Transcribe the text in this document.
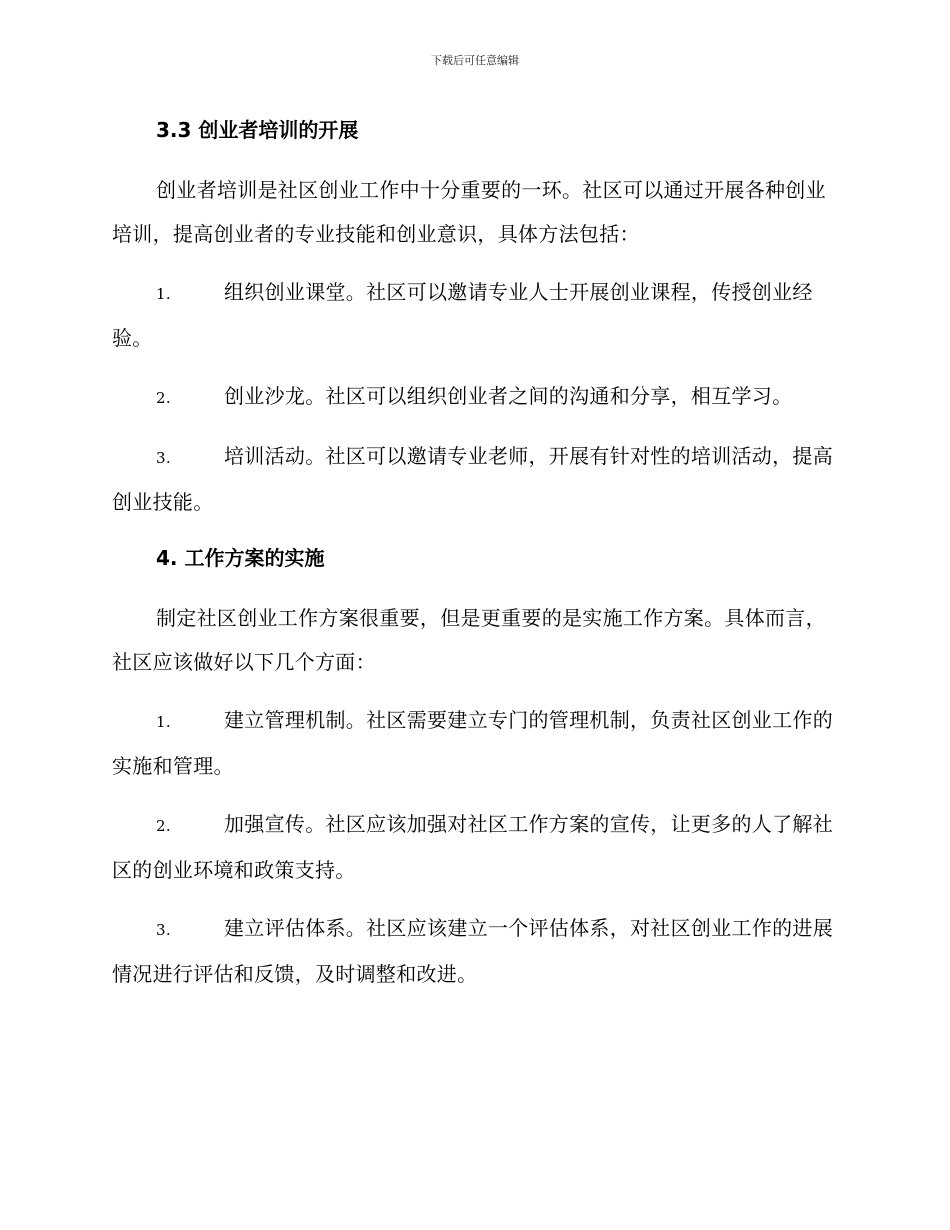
下载后可任意编辑
3.3 创业者培训的开展
创业者培训是社区创业工作中十分重要的一环。社区可以通过开展各种创业培训，提高创业者的专业技能和创业意识，具体方法包括：
1.	组织创业课堂。社区可以邀请专业人士开展创业课程，传授创业经验。
2.	创业沙龙。社区可以组织创业者之间的沟通和分享，相互学习。
3.	培训活动。社区可以邀请专业老师，开展有针对性的培训活动，提高创业技能。
4. 工作方案的实施
制定社区创业工作方案很重要，但是更重要的是实施工作方案。具体而言，社区应该做好以下几个方面：
1.	建立管理机制。社区需要建立专门的管理机制，负责社区创业工作的实施和管理。
2.	加强宣传。社区应该加强对社区工作方案的宣传，让更多的人了解社区的创业环境和政策支持。
3.	建立评估体系。社区应该建立一个评估体系，对社区创业工作的进展情况进行评估和反馈，及时调整和改进。
